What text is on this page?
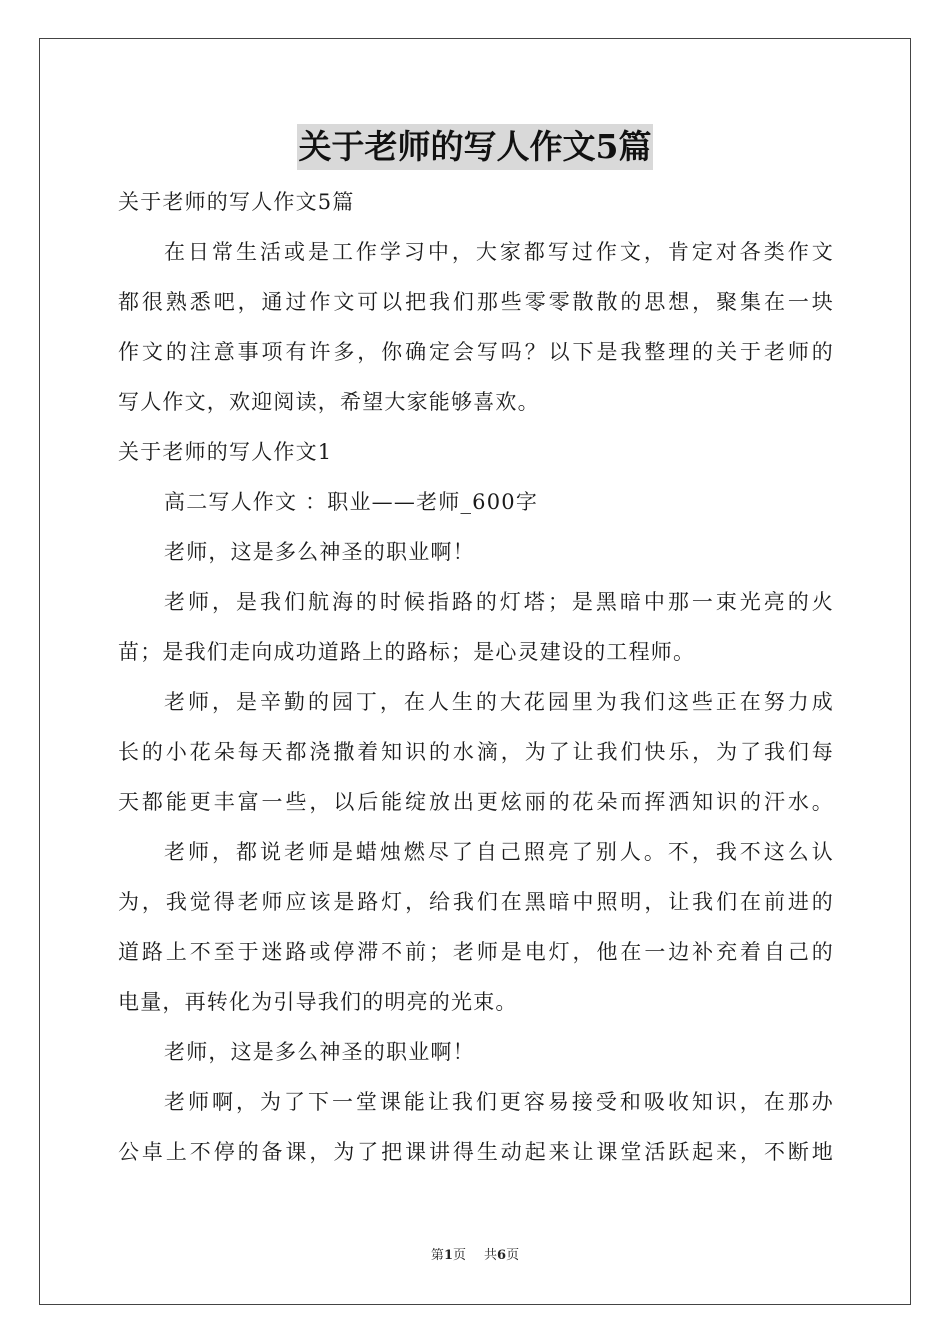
关于老师的写人作文5篇
关于老师的写人作文5篇
在日常生活或是工作学习中，大家都写过作文，肯定对各类作文
都很熟悉吧，通过作文可以把我们那些零零散散的思想，聚集在一块
作文的注意事项有许多，你确定会写吗？以下是我整理的关于老师的
写人作文，欢迎阅读，希望大家能够喜欢。
关于老师的写人作文1
高二写人作文 ：职业——老师_600字
老师，这是多么神圣的职业啊！
老师，是我们航海的时候指路的灯塔；是黑暗中那一束光亮的火
苗；是我们走向成功道路上的路标；是心灵建设的工程师。
老师，是辛勤的园丁，在人生的大花园里为我们这些正在努力成
长的小花朵每天都浇撒着知识的水滴，为了让我们快乐，为了我们每
天都能更丰富一些，以后能绽放出更炫丽的花朵而挥洒知识的汗水。
老师，都说老师是蜡烛燃尽了自己照亮了别人。不，我不这么认
为，我觉得老师应该是路灯，给我们在黑暗中照明，让我们在前进的
道路上不至于迷路或停滞不前；老师是电灯，他在一边补充着自己的
电量，再转化为引导我们的明亮的光束。
老师，这是多么神圣的职业啊！
老师啊，为了下一堂课能让我们更容易接受和吸收知识，在那办
公卓上不停的备课，为了把课讲得生动起来让课堂活跃起来，不断地
第1页 共6页
